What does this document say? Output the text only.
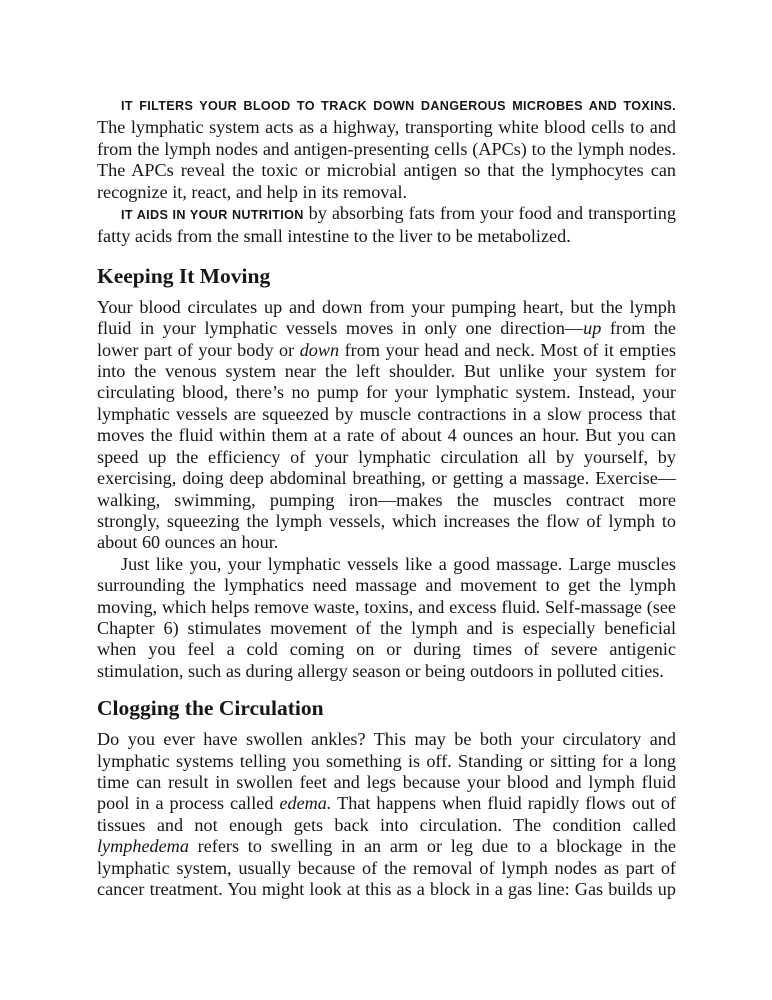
IT FILTERS YOUR BLOOD TO TRACK DOWN DANGEROUS MICROBES AND TOXINS. The lymphatic system acts as a highway, transporting white blood cells to and from the lymph nodes and antigen-presenting cells (APCs) to the lymph nodes. The APCs reveal the toxic or microbial antigen so that the lymphocytes can recognize it, react, and help in its removal.

IT AIDS IN YOUR NUTRITION by absorbing fats from your food and transporting fatty acids from the small intestine to the liver to be metabolized.

Keeping It Moving

Your blood circulates up and down from your pumping heart, but the lymph fluid in your lymphatic vessels moves in only one direction—up from the lower part of your body or down from your head and neck. Most of it empties into the venous system near the left shoulder. But unlike your system for circulating blood, there’s no pump for your lymphatic system. Instead, your lymphatic vessels are squeezed by muscle contractions in a slow process that moves the fluid within them at a rate of about 4 ounces an hour. But you can speed up the efficiency of your lymphatic circulation all by yourself, by exercising, doing deep abdominal breathing, or getting a massage. Exercise—walking, swimming, pumping iron—makes the muscles contract more strongly, squeezing the lymph vessels, which increases the flow of lymph to about 60 ounces an hour.

Just like you, your lymphatic vessels like a good massage. Large muscles surrounding the lymphatics need massage and movement to get the lymph moving, which helps remove waste, toxins, and excess fluid. Self-massage (see Chapter 6) stimulates movement of the lymph and is especially beneficial when you feel a cold coming on or during times of severe antigenic stimulation, such as during allergy season or being outdoors in polluted cities.

Clogging the Circulation

Do you ever have swollen ankles? This may be both your circulatory and lymphatic systems telling you something is off. Standing or sitting for a long time can result in swollen feet and legs because your blood and lymph fluid pool in a process called edema. That happens when fluid rapidly flows out of tissues and not enough gets back into circulation. The condition called lymphedema refers to swelling in an arm or leg due to a blockage in the lymphatic system, usually because of the removal of lymph nodes as part of cancer treatment. You might look at this as a block in a gas line: Gas builds up
